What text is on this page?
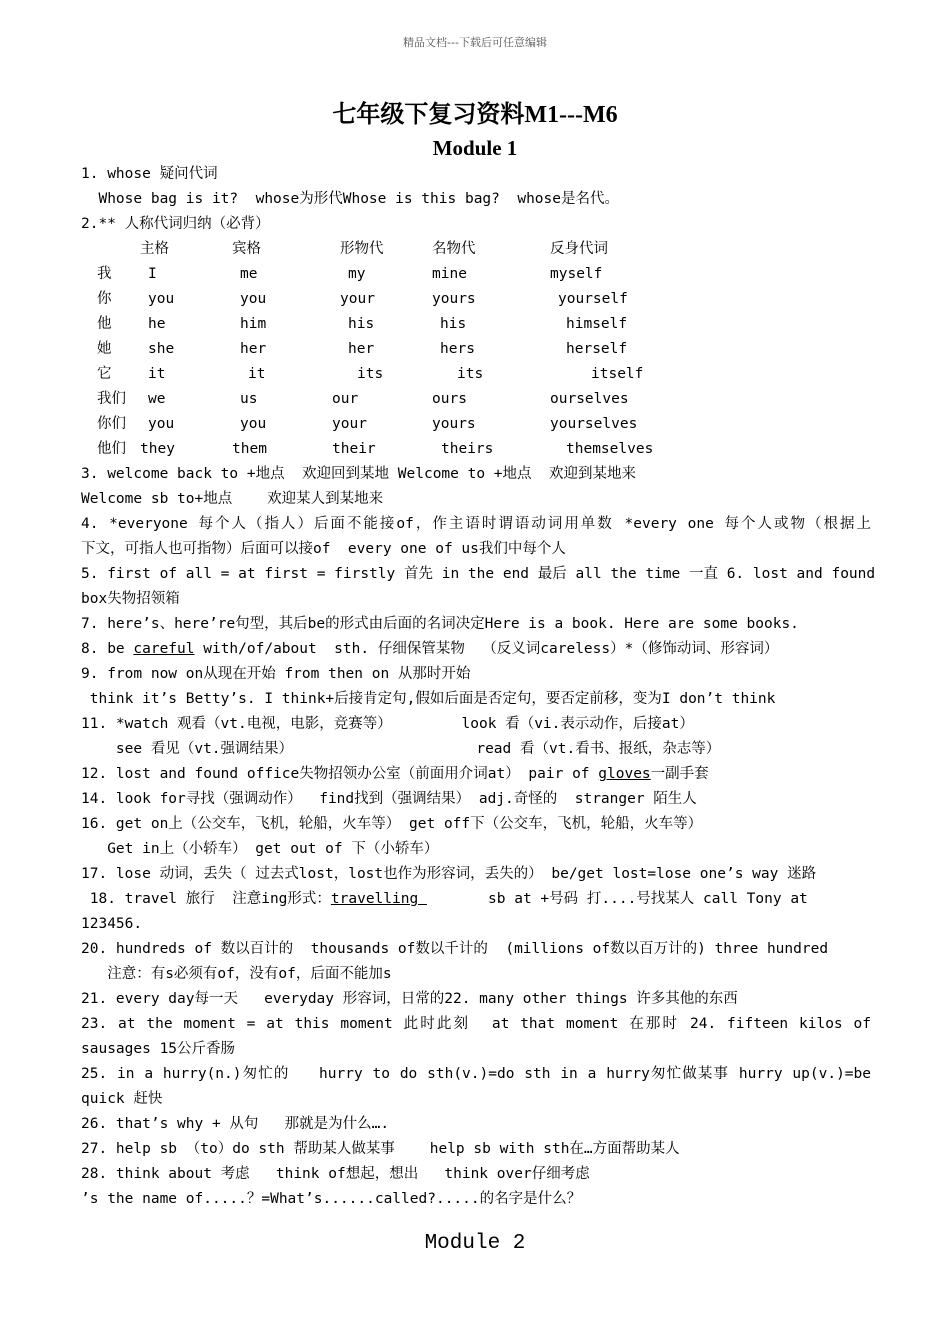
精品文档---下载后可任意编辑
七年级下复习资料M1---M6
Module 1
1. whose 疑问代词
Whose bag is it?  whose为形代Whose is this bag?  whose是名代。
2.** 人称代词归纳（必背）
主格	宾格	形物代	名物代	反身代词
我	I	me	my	mine	myself
你	you	you	your	yours	yourself
他	he	him	his	his	himself
她	she	her	her	hers	herself
它	it	it	its	its	itself
我们 we	us	our	ours	ourselves
你们 you	you	your	yours	yourselves
他们 they	them	their	theirs	themselves
3. welcome back to +地点  欢迎回到某地 Welcome to +地点  欢迎到某地来
Welcome sb to+地点    欢迎某人到某地来
4. *everyone 每个人（指人）后面不能接of，作主语时谓语动词用单数 *every one 每个人或物（根据上
下文，可指人也可指物）后面可以接of  every one of us我们中每个人
5. first of all = at first = firstly 首先 in the end 最后 all the time 一直 6. lost and found
box失物招领箱
7. here’s、here’re句型，其后be的形式由后面的名词决定Here is a book. Here are some books.
8. be careful with/of/about  sth. 仔细保管某物  （反义词careless）*（修饰动词、形容词）
9. from now on从现在开始 from then on 从那时开始
think it’s Betty’s. I think+后接肯定句,假如后面是否定句，要否定前移，变为I don’t think
11. *watch 观看（vt.电视，电影，竞赛等）        look 看（vi.表示动作，后接at）
see 看见（vt.强调结果）                     read 看（vt.看书、报纸，杂志等）
12. lost and found office失物招领办公室（前面用介词at） pair of gloves一副手套
14. look for寻找（强调动作）  find找到（强调结果） adj.奇怪的  stranger 陌生人
16. get on上（公交车，飞机，轮船，火车等） get off下（公交车，飞机，轮船，火车等）
Get in上（小轿车） get out of 下（小轿车）
17. lose 动词，丢失（ 过去式lost，lost也作为形容词，丢失的） be/get lost=lose one’s way 迷路
18. travel 旅行  注意ing形式：travelling        sb at +号码 打....号找某人 call Tony at
123456.
20. hundreds of 数以百计的  thousands of数以千计的  (millions of数以百万计的) three hundred
注意：有s必须有of，没有of，后面不能加s
21. every day每一天   everyday 形容词，日常的22. many other things 许多其他的东西
23. at the moment = at this moment 此时此刻  at that moment 在那时 24. fifteen kilos of
sausages 15公斤香肠
25. in a hurry(n.)匆忙的   hurry to do sth(v.)=do sth in a hurry匆忙做某事 hurry up(v.)=be
quick 赶快
26. that’s why + 从句   那就是为什么….
27. help sb （to）do sth 帮助某人做某事    help sb with sth在…方面帮助某人
28. think about 考虑   think of想起，想出   think over仔细考虑
’s the name of.....？=What’s......called?.....的名字是什么？
Module 2
